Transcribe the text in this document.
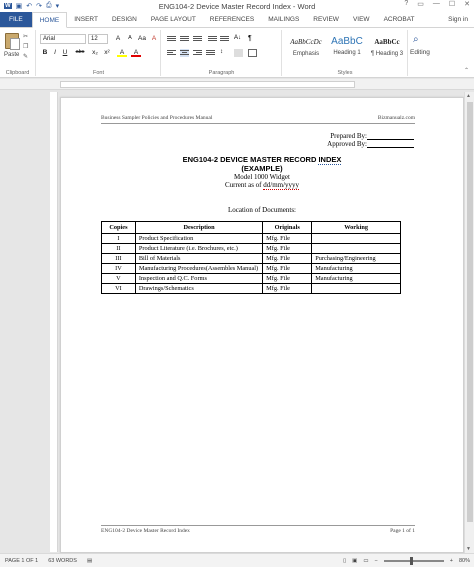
W ▣ ↶ ↷ ⎙ ▾	ENG104-2 Device Master Record Index - Word	? ▭ — ☐ ✕
FILE	HOME	INSERT	DESIGN	PAGE LAYOUT	REFERENCES	MAILINGS	REVIEW	VIEW	ACROBAT	Sign in
Paste
✂
❐
✎
Clipboard
Arial	12	A	A Aa A
B	I	U	abc	x₂ x²	A	A
Font
A↓ ¶
↕
Paragraph
AaBbCcDc
Emphasis
AaBbC
Heading 1
AaBbCc
¶ Heading 3
Styles
⌕
Editing
⌃
Business Sampler Policies and Procedures Manual	Bizmanualz.com
Prepared By:
Approved By:
ENG104-2 DEVICE MASTER RECORD INDEX
(EXAMPLE)
Model 1000 Widget
Current as of dd/mm/yyyy
Location of Documents:
Copies	Description	Originals	Working
I	Product Specification	Mfg. File	
II	Product Literature (i.e. Brochures, etc.)	Mfg. File	
III	Bill of Materials	Mfg. File	Purchasing/Engineering
IV	Manufacturing Procedures(Assembles Manual)	Mfg. File	Manufacturing
V	Inspection and Q.C. Forms	Mfg. File	Manufacturing
VI	Drawings/Schematics	Mfg. File	
ENG104-2 Device Master Record Index	Page 1 of 1
▲
▼
PAGE 1 OF 1	63 WORDS	▤	▯ ▣ ▭ −	+ 80%
